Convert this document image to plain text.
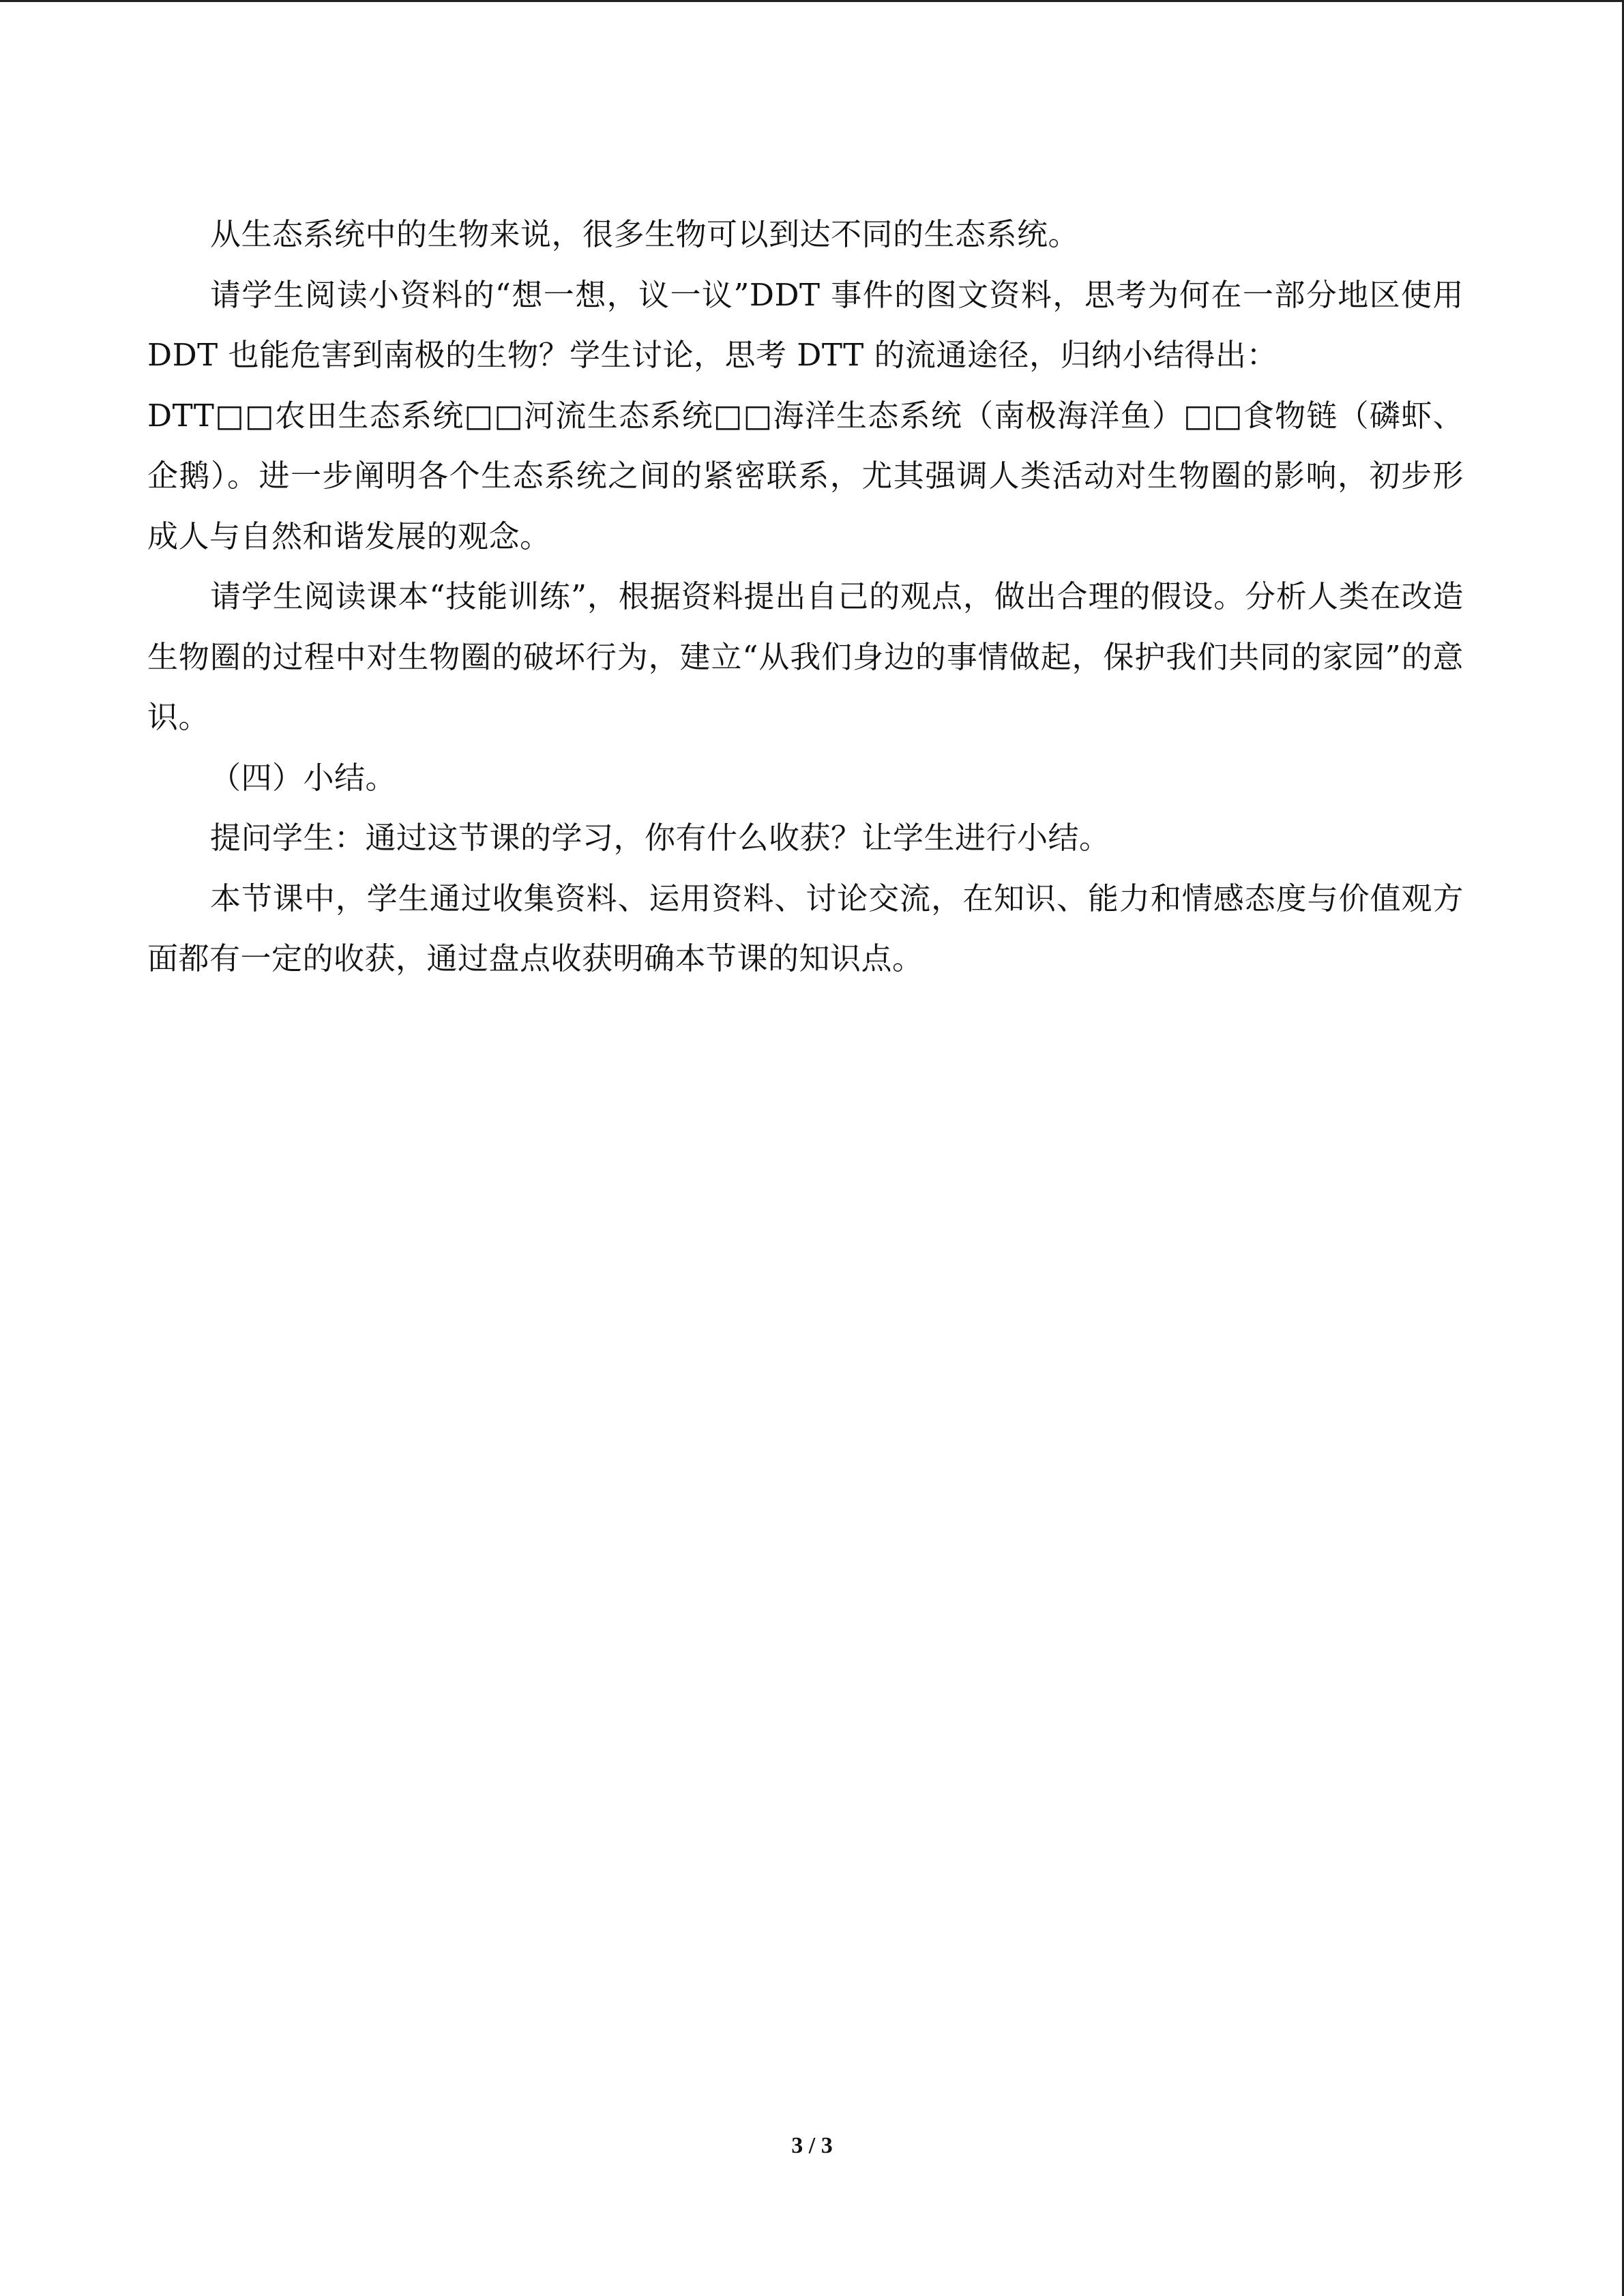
从生态系统中的生物来说，很多生物可以到达不同的生态系统。

请学生阅读小资料的“想一想，议一议”DDT 事件的图文资料，思考为何在一部分地区使用 DDT 也能危害到南极的生物？学生讨论，思考 DTT 的流通途径，归纳小结得出：

DTT□□农田生态系统□□河流生态系统□□海洋生态系统（南极海洋鱼）□□食物链（磷虾、企鹅）。进一步阐明各个生态系统之间的紧密联系，尤其强调人类活动对生物圈的影响，初步形成人与自然和谐发展的观念。

请学生阅读课本“技能训练”，根据资料提出自己的观点，做出合理的假设。分析人类在改造生物圈的过程中对生物圈的破坏行为，建立“从我们身边的事情做起，保护我们共同的家园”的意识。

（四）小结。

提问学生：通过这节课的学习，你有什么收获？让学生进行小结。

本节课中，学生通过收集资料、运用资料、讨论交流，在知识、能力和情感态度与价值观方面都有一定的收获，通过盘点收获明确本节课的知识点。

3 / 3
